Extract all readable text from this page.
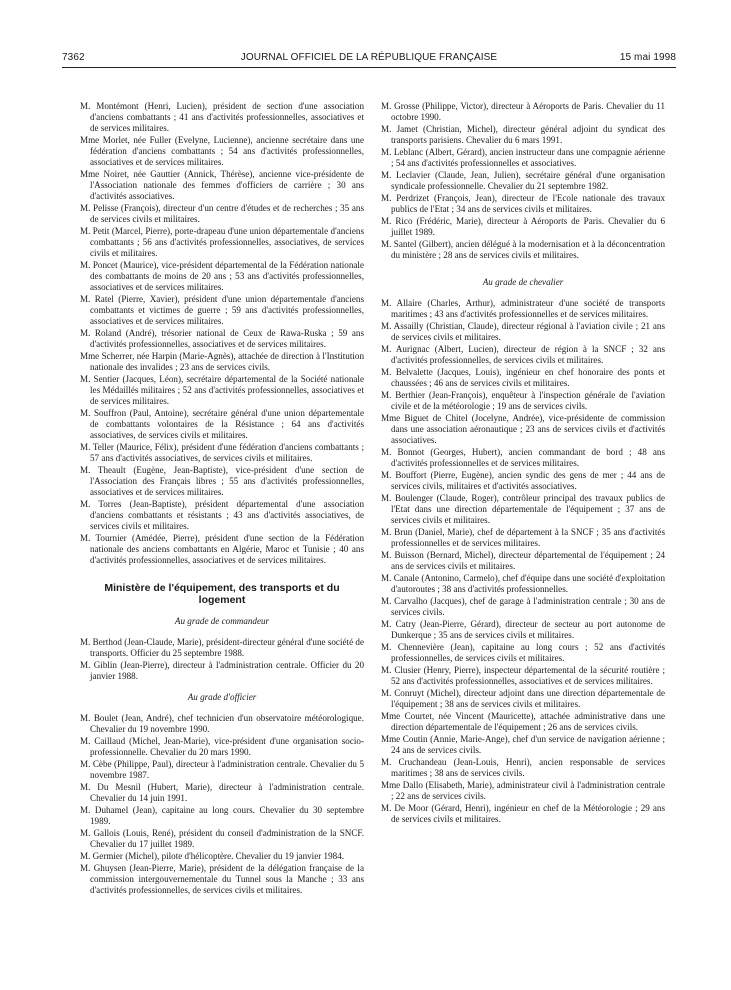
7362	JOURNAL OFFICIEL DE LA RÉPUBLIQUE FRANÇAISE	15 mai 1998

M. Montémont (Henri, Lucien), président de section d'une association d'anciens combattants ; 41 ans d'activités professionnelles, associatives et de services militaires.

Mme Morlet, née Fuller (Evelyne, Lucienne), ancienne secrétaire dans une fédération d'anciens combattants ; 54 ans d'activités professionnelles, associatives et de services militaires.

Mme Noiret, née Gauttier (Annick, Thérèse), ancienne vice-présidente de l'Association nationale des femmes d'officiers de carrière ; 30 ans d'activités associatives.

M. Pelisse (François), directeur d'un centre d'études et de recherches ; 35 ans de services civils et militaires.

M. Petit (Marcel, Pierre), porte-drapeau d'une union départementale d'anciens combattants ; 56 ans d'activités professionnelles, associatives, de services civils et militaires.

M. Poncet (Maurice), vice-président départemental de la Fédération nationale des combattants de moins de 20 ans ; 53 ans d'activités professionnelles, associatives et de services militaires.

M. Ratel (Pierre, Xavier), président d'une union départementale d'anciens combattants et victimes de guerre ; 59 ans d'activités professionnelles, associatives et de services militaires.

M. Roland (André), trésorier national de Ceux de Rawa-Ruska ; 59 ans d'activités professionnelles, associatives et de services militaires.

Mme Scherrer, née Harpin (Marie-Agnès), attachée de direction à l'Institution nationale des invalides ; 23 ans de services civils.

M. Sentier (Jacques, Léon), secrétaire départemental de la Société nationale les Médaillés militaires ; 52 ans d'activités professionnelles, associatives et de services militaires.

M. Souffron (Paul, Antoine), secrétaire général d'une union départementale de combattants volontaires de la Résistance ; 64 ans d'activités associatives, de services civils et militaires.

M. Teller (Maurice, Félix), président d'une fédération d'anciens combattants ; 57 ans d'activités associatives, de services civils et militaires.

M. Theault (Eugène, Jean-Baptiste), vice-président d'une section de l'Association des Français libres ; 55 ans d'activités professionnelles, associatives et de services militaires.

M. Torres (Jean-Baptiste), président départemental d'une association d'anciens combattants et résistants ; 43 ans d'activités associatives, de services civils et militaires.

M. Tournier (Amédée, Pierre), président d'une section de la Fédération nationale des anciens combattants en Algérie, Maroc et Tunisie ; 40 ans d'activités professionnelles, associatives et de services militaires.

Ministère de l'équipement, des transports et du logement
Au grade de commandeur

M. Berthod (Jean-Claude, Marie), président-directeur général d'une société de transports. Officier du 25 septembre 1988.

M. Giblin (Jean-Pierre), directeur à l'administration centrale. Officier du 20 janvier 1988.

Au grade d'officier

M. Boulet (Jean, André), chef technicien d'un observatoire météorologique. Chevalier du 19 novembre 1990.

M. Caillaud (Michel, Jean-Marie), vice-président d'une organisation socio-professionnelle. Chevalier du 20 mars 1990.

M. Cèbe (Philippe, Paul), directeur à l'administration centrale. Chevalier du 5 novembre 1987.

M. Du Mesnil (Hubert, Marie), directeur à l'administration centrale. Chevalier du 14 juin 1991.

M. Duhamel (Jean), capitaine au long cours. Chevalier du 30 septembre 1989.

M. Gallois (Louis, René), président du conseil d'administration de la SNCF. Chevalier du 17 juillet 1989.

M. Germier (Michel), pilote d'hélicoptère. Chevalier du 19 janvier 1984.

M. Ghuysen (Jean-Pierre, Marie), président de la délégation française de la commission intergouvernementale du Tunnel sous la Manche ; 33 ans d'activités professionnelles, de services civils et militaires.

M. Grosse (Philippe, Victor), directeur à Aéroports de Paris. Chevalier du 11 octobre 1990.

M. Jamet (Christian, Michel), directeur général adjoint du syndicat des transports parisiens. Chevalier du 6 mars 1991.

M. Leblanc (Albert, Gérard), ancien instructeur dans une compagnie aérienne ; 54 ans d'activités professionnelles et associatives.

M. Leclavier (Claude, Jean, Julien), secrétaire général d'une organisation syndicale professionnelle. Chevalier du 21 septembre 1982.

M. Perdrizet (François, Jean), directeur de l'Ecole nationale des travaux publics de l'Etat ; 34 ans de services civils et militaires.

M. Rico (Frédéric, Marie), directeur à Aéroports de Paris. Chevalier du 6 juillet 1989.

M. Santel (Gilbert), ancien délégué à la modernisation et à la déconcentration du ministère ; 28 ans de services civils et militaires.

Au grade de chevalier

M. Allaire (Charles, Arthur), administrateur d'une société de transports maritimes ; 43 ans d'activités professionnelles et de services militaires.

M. Assailly (Christian, Claude), directeur régional à l'aviation civile ; 21 ans de services civils et militaires.

M. Aurignac (Albert, Lucien), directeur de région à la SNCF ; 32 ans d'activités professionnelles, de services civils et militaires.

M. Belvalette (Jacques, Louis), ingénieur en chef honoraire des ponts et chaussées ; 46 ans de services civils et militaires.

M. Berthier (Jean-François), enquêteur à l'inspection générale de l'aviation civile et de la météorologie ; 19 ans de services civils.

Mme Biguet de Chitel (Jocelyne, Andrée), vice-présidente de commission dans une association aéronautique ; 23 ans de services civils et d'activités associatives.

M. Bonnot (Georges, Hubert), ancien commandant de bord ; 48 ans d'activités professionnelles et de services militaires.

M. Bouffort (Pierre, Eugène), ancien syndic des gens de mer ; 44 ans de services civils, militaires et d'activités associatives.

M. Boulenger (Claude, Roger), contrôleur principal des travaux publics de l'Etat dans une direction départementale de l'équipement ; 37 ans de services civils et militaires.

M. Brun (Daniel, Marie), chef de département à la SNCF ; 35 ans d'activités professionnelles et de services militaires.

M. Buisson (Bernard, Michel), directeur départemental de l'équipement ; 24 ans de services civils et militaires.

M. Canale (Antonino, Carmelo), chef d'équipe dans une société d'exploitation d'autoroutes ; 38 ans d'activités professionnelles.

M. Carvalho (Jacques), chef de garage à l'administration centrale ; 30 ans de services civils.

M. Catry (Jean-Pierre, Gérard), directeur de secteur au port autonome de Dunkerque ; 35 ans de services civils et militaires.

M. Chennevière (Jean), capitaine au long cours ; 52 ans d'activités professionnelles, de services civils et militaires.

M. Clusier (Henry, Pierre), inspecteur départemental de la sécurité routière ; 52 ans d'activités professionnelles, associatives et de services militaires.

M. Conruyt (Michel), directeur adjoint dans une direction départementale de l'équipement ; 38 ans de services civils et militaires.

Mme Courtet, née Vincent (Mauricette), attachée administrative dans une direction départementale de l'équipement ; 26 ans de services civils.

Mme Coutin (Annie, Marie-Ange), chef d'un service de navigation aérienne ; 24 ans de services civils.

M. Cruchandeau (Jean-Louis, Henri), ancien responsable de services maritimes ; 38 ans de services civils.

Mme Dallo (Elisabeth, Marie), administrateur civil à l'administration centrale ; 22 ans de services civils.

M. De Moor (Gérard, Henri), ingénieur en chef de la Météorologie ; 29 ans de services civils et militaires.
